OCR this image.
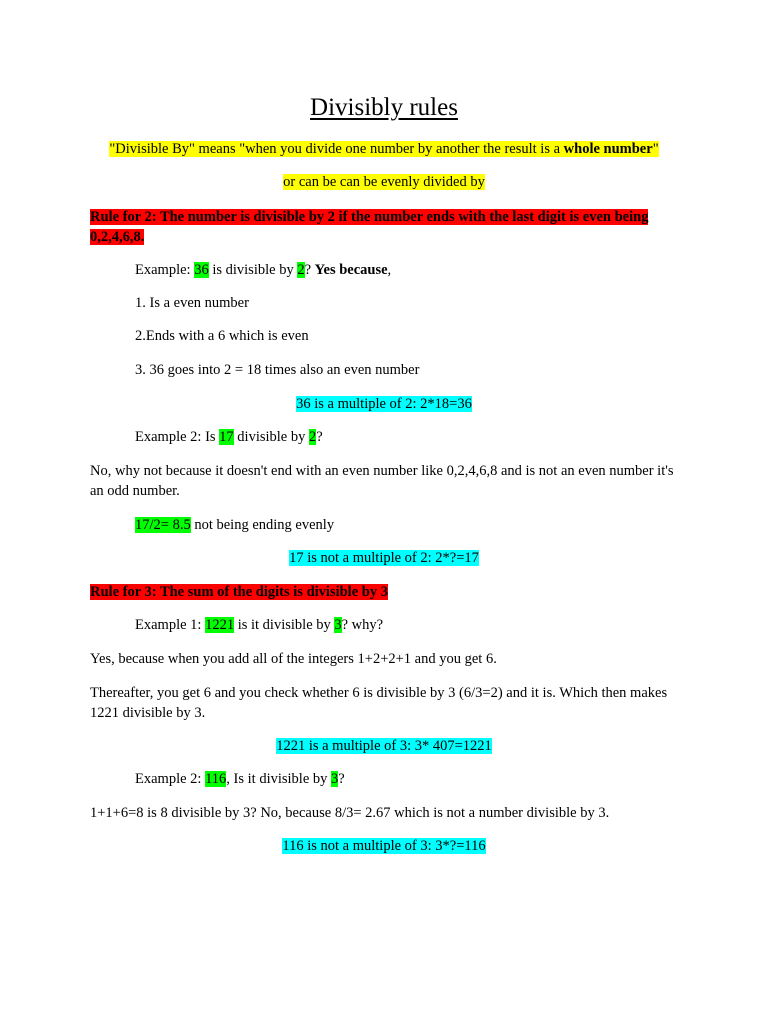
Divisibly rules
"Divisible By" means "when you divide one number by another the result is a whole number"
or can be can be evenly divided by
Rule for 2: The number is divisible by 2 if the number ends with the last digit is even being 0,2,4,6,8.
Example: 36 is divisible by 2? Yes because,
1. Is a even number
2.Ends with a 6 which is even
3. 36 goes into 2 = 18 times also an even number
36 is a multiple of 2: 2*18=36
Example 2: Is 17 divisible by 2?
No, why not because it doesn't end with an even number like 0,2,4,6,8 and is not an even number it's an odd number.
17/2= 8.5 not being ending evenly
17 is not a multiple of 2: 2*?=17
Rule for 3: The sum of the digits is divisible by 3
Example 1: 1221 is it divisible by 3? why?
Yes, because when you add all of the integers 1+2+2+1 and you get 6.
Thereafter, you get 6 and you check whether 6 is divisible by 3 (6/3=2) and it is. Which then makes 1221 divisible by 3.
1221 is a multiple of 3: 3* 407=1221
Example 2: 116, Is it divisible by 3?
1+1+6=8 is 8 divisible by 3? No, because 8/3= 2.67 which is not a number divisible by 3.
116 is not a multiple of 3: 3*?=116
